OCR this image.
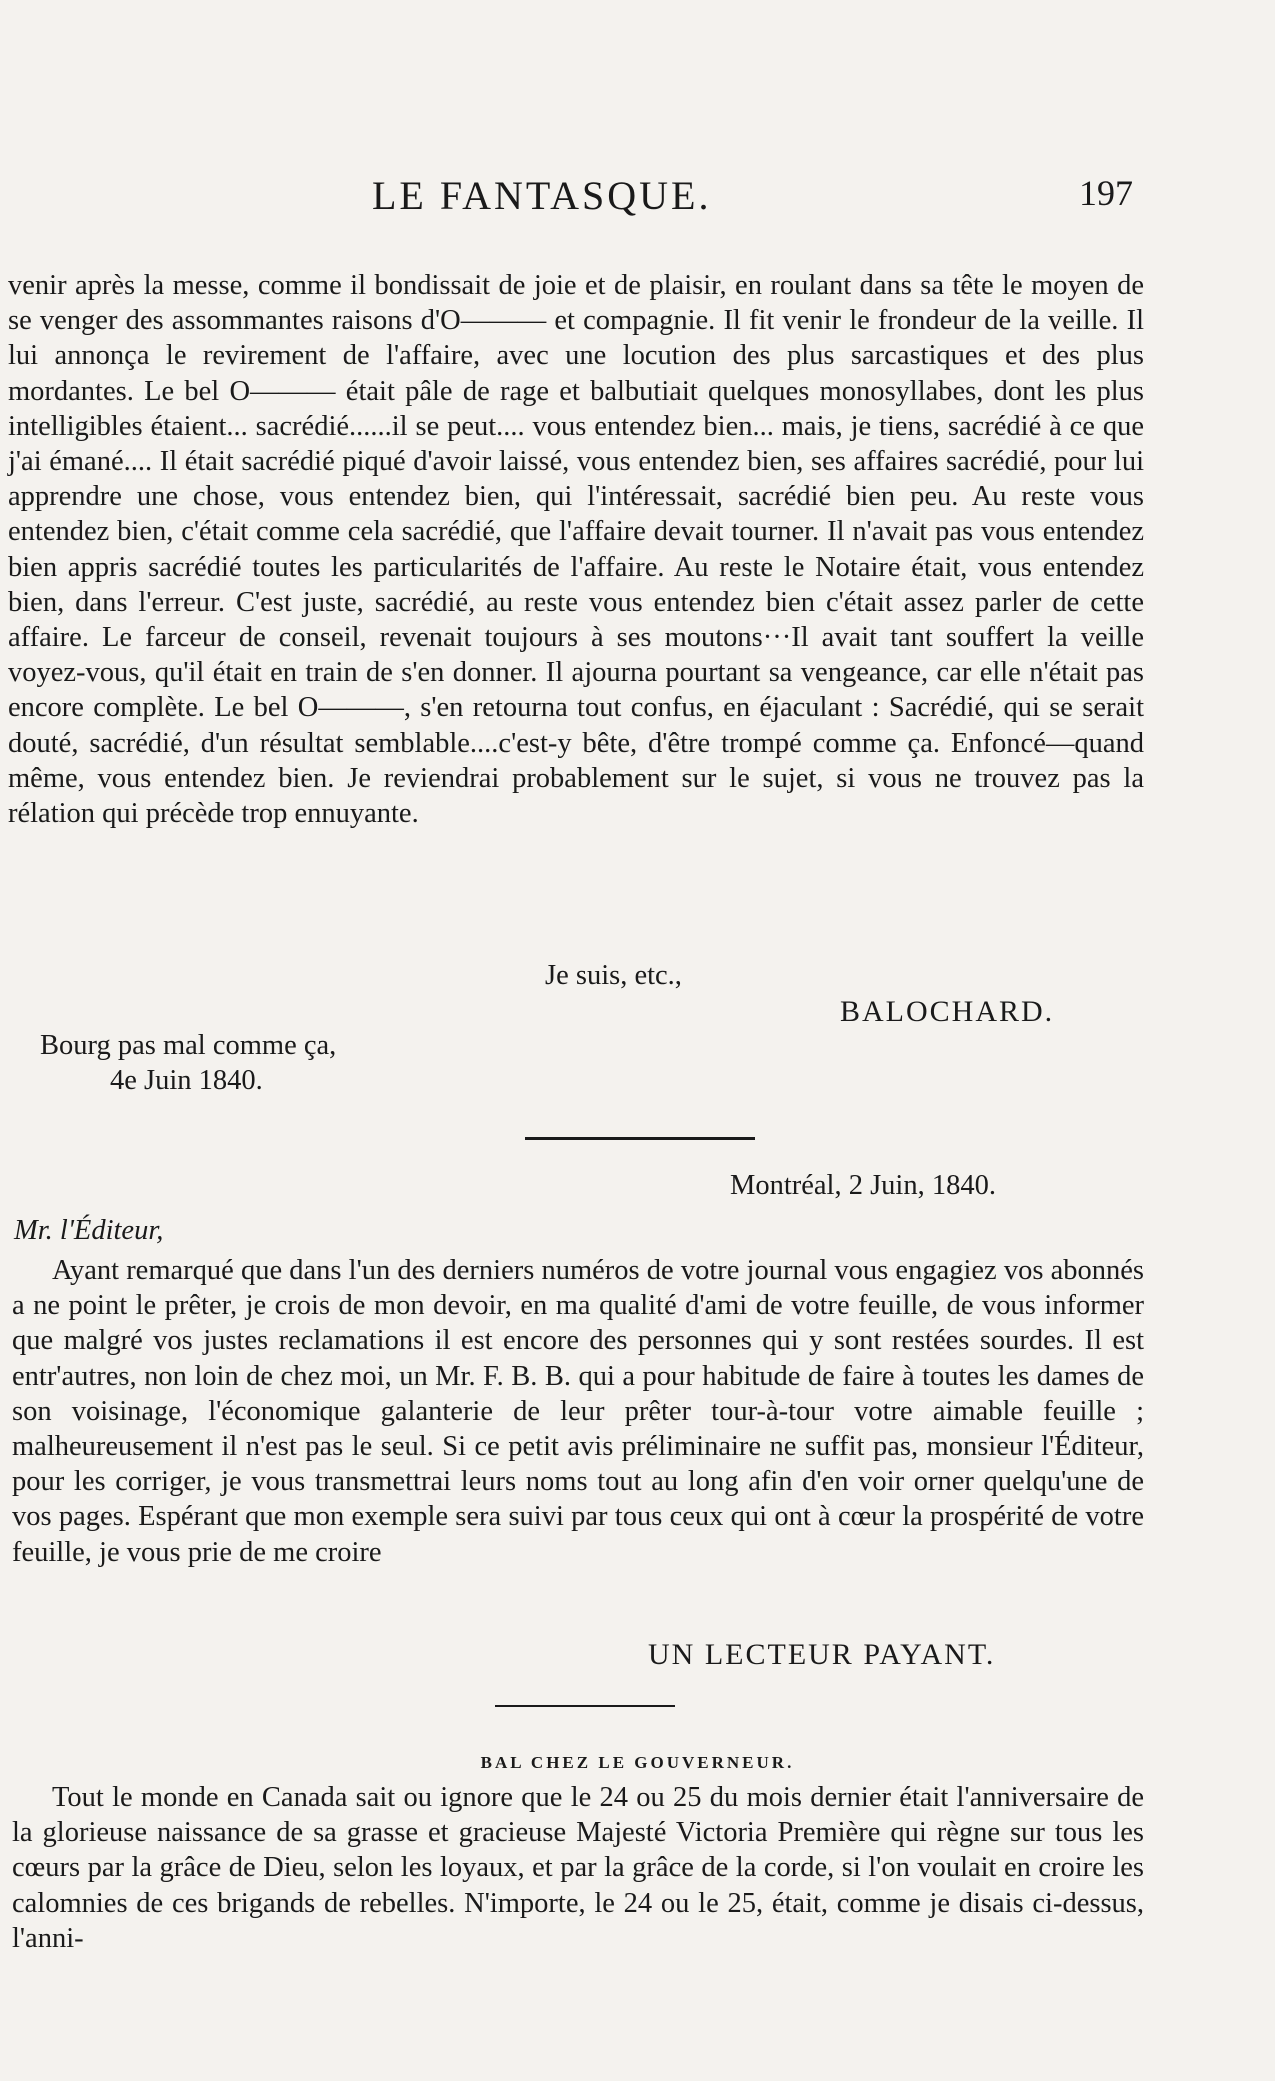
LE FANTASQUE.	197

venir après la messe, comme il bondissait de joie et de plaisir, en roulant dans sa tête le moyen de se venger des assommantes raisons d'O——— et compagnie. Il fit venir le frondeur de la veille. Il lui annonça le revirement de l'affaire, avec une locution des plus sarcastiques et des plus mordantes. Le bel O——— était pâle de rage et balbutiait quelques monosyllabes, dont les plus intelligibles étaient... sacrédié......il se peut.... vous entendez bien... mais, je tiens, sacrédié à ce que j'ai émané.... Il était sacrédié piqué d'avoir laissé, vous entendez bien, ses affaires sacrédié, pour lui apprendre une chose, vous entendez bien, qui l'intéressait, sacrédié bien peu. Au reste vous entendez bien, c'était comme cela sacrédié, que l'affaire devait tourner. Il n'avait pas vous entendez bien appris sacrédié toutes les particularités de l'affaire. Au reste le Notaire était, vous entendez bien, dans l'erreur. C'est juste, sacrédié, au reste vous entendez bien c'était assez parler de cette affaire. Le farceur de conseil, revenait toujours à ses moutons···Il avait tant souffert la veille voyez-vous, qu'il était en train de s'en donner. Il ajourna pourtant sa vengeance, car elle n'était pas encore complète. Le bel O———, s'en retourna tout confus, en éjaculant : Sacrédié, qui se serait douté, sacrédié, d'un résultat semblable....c'est-y bête, d'être trompé comme ça. Enfoncé—quand même, vous entendez bien. Je reviendrai probablement sur le sujet, si vous ne trouvez pas la rélation qui précède trop ennuyante.

Je suis, etc.,
BALOCHARD.
Bourg pas mal comme ça,
4e Juin 1840.
Montréal, 2 Juin, 1840.
Mr. l'Éditeur,

Ayant remarqué que dans l'un des derniers numéros de votre journal vous engagiez vos abonnés a ne point le prêter, je crois de mon devoir, en ma qualité d'ami de votre feuille, de vous informer que malgré vos justes reclamations il est encore des personnes qui y sont restées sourdes. Il est entr'autres, non loin de chez moi, un Mr. F. B. B. qui a pour habitude de faire à toutes les dames de son voisinage, l'économique galanterie de leur prêter tour-à-tour votre aimable feuille ; malheureusement il n'est pas le seul. Si ce petit avis préliminaire ne suffit pas, monsieur l'Éditeur, pour les corriger, je vous transmettrai leurs noms tout au long afin d'en voir orner quelqu'une de vos pages. Espérant que mon exemple sera suivi par tous ceux qui ont à cœur la prospérité de votre feuille, je vous prie de me croire

UN LECTEUR PAYANT.
BAL CHEZ LE GOUVERNEUR.

Tout le monde en Canada sait ou ignore que le 24 ou 25 du mois dernier était l'anniversaire de la glorieuse naissance de sa grasse et gracieuse Majesté Victoria Première qui règne sur tous les cœurs par la grâce de Dieu, selon les loyaux, et par la grâce de la corde, si l'on voulait en croire les calomnies de ces brigands de rebelles. N'importe, le 24 ou le 25, était, comme je disais ci-dessus, l'anni-
